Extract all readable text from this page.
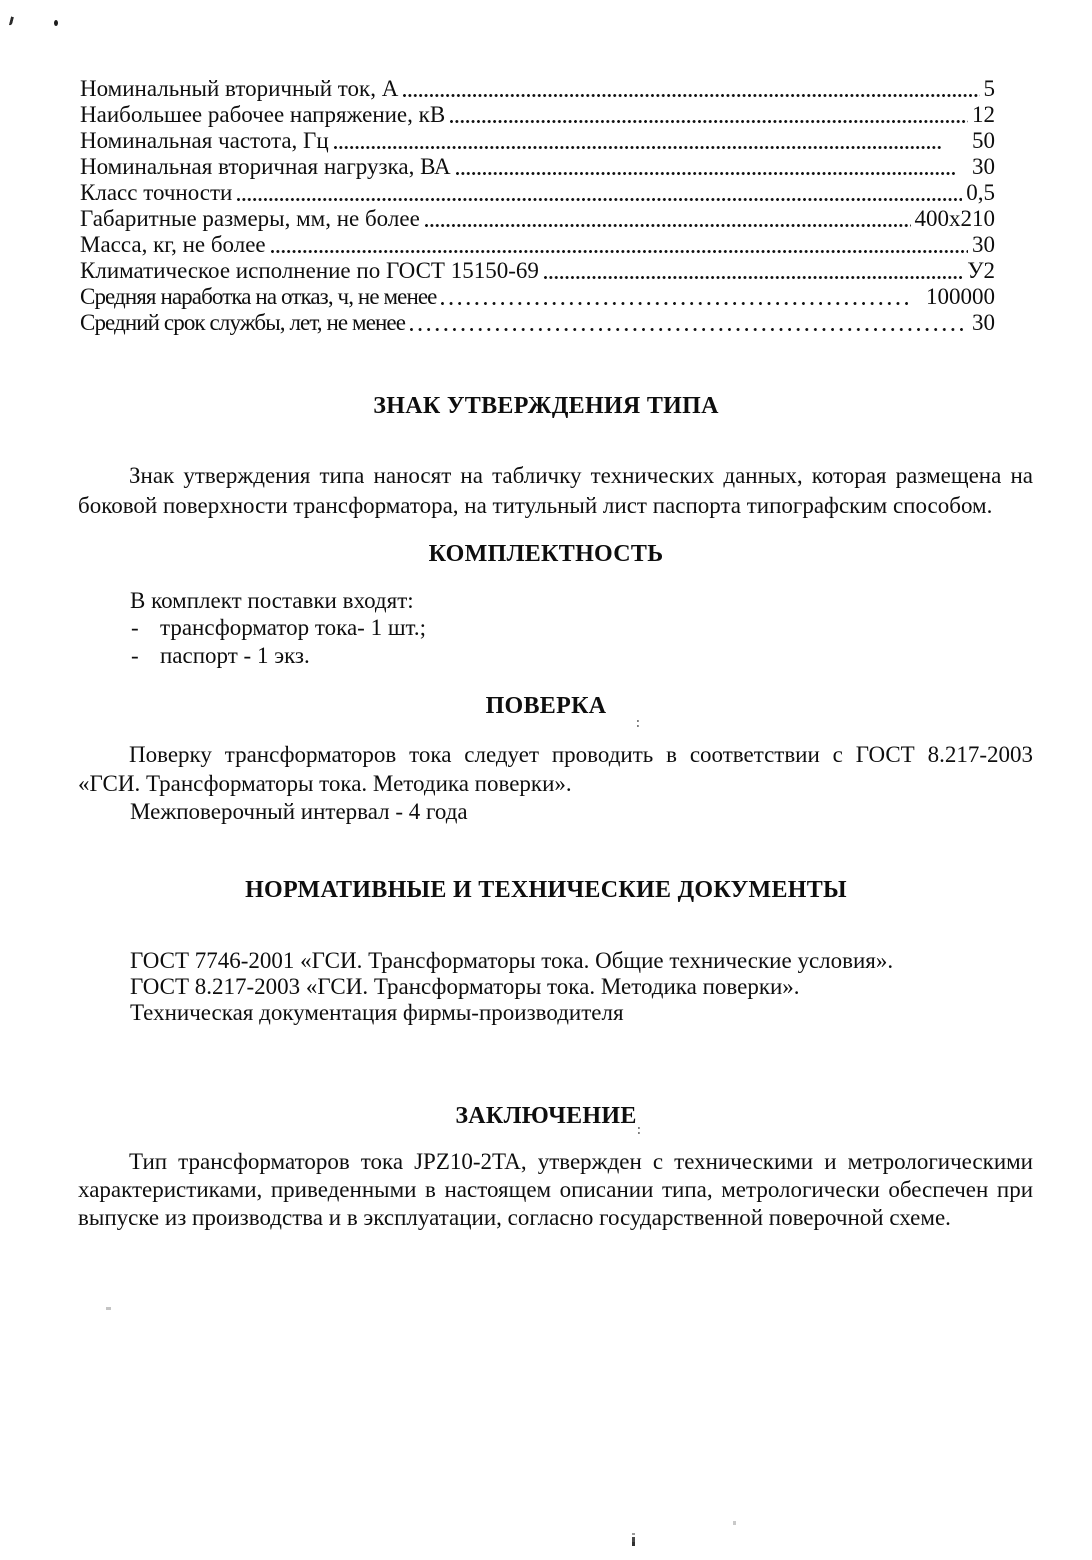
Номинальный вторичный ток, А	5
Наибольшее рабочее напряжение, кВ	12
Номинальная частота, Гц	50
Номинальная вторичная нагрузка, ВА	30
Класс точности	0,5
Габаритные размеры, мм, не более	400x210
Масса, кг, не более	30
Климатическое исполнение по ГОСТ 15150-69	У2
Средняя наработка на отказ, ч, не менее	100000
Средний срок службы, лет, не менее	30
ЗНАК УТВЕРЖДЕНИЯ ТИПА
Знак утверждения типа наносят на табличку технических данных, которая размещена на боковой поверхности трансформатора, на титульный лист паспорта типографским способом.
КОМПЛЕКТНОСТЬ
В комплект поставки входят:
- трансформатор тока- 1 шт.;
- паспорт - 1 экз.
ПОВЕРКА
Поверку трансформаторов тока следует проводить в соответствии с ГОСТ 8.217-2003 «ГСИ. Трансформаторы тока. Методика поверки».
Межповерочный интервал - 4 года
НОРМАТИВНЫЕ И ТЕХНИЧЕСКИЕ ДОКУМЕНТЫ
ГОСТ 7746-2001 «ГСИ. Трансформаторы тока. Общие технические условия».
ГОСТ 8.217-2003 «ГСИ. Трансформаторы тока. Методика поверки».
Техническая документация фирмы-производителя
ЗАКЛЮЧЕНИЕ
Тип трансформаторов тока JPZ10-2TA, утвержден с техническими и метрологическими характеристиками, приведенными в настоящем описании типа, метрологически обеспечен при выпуске из производства и в эксплуатации, согласно государственной поверочной схеме.
:
:
